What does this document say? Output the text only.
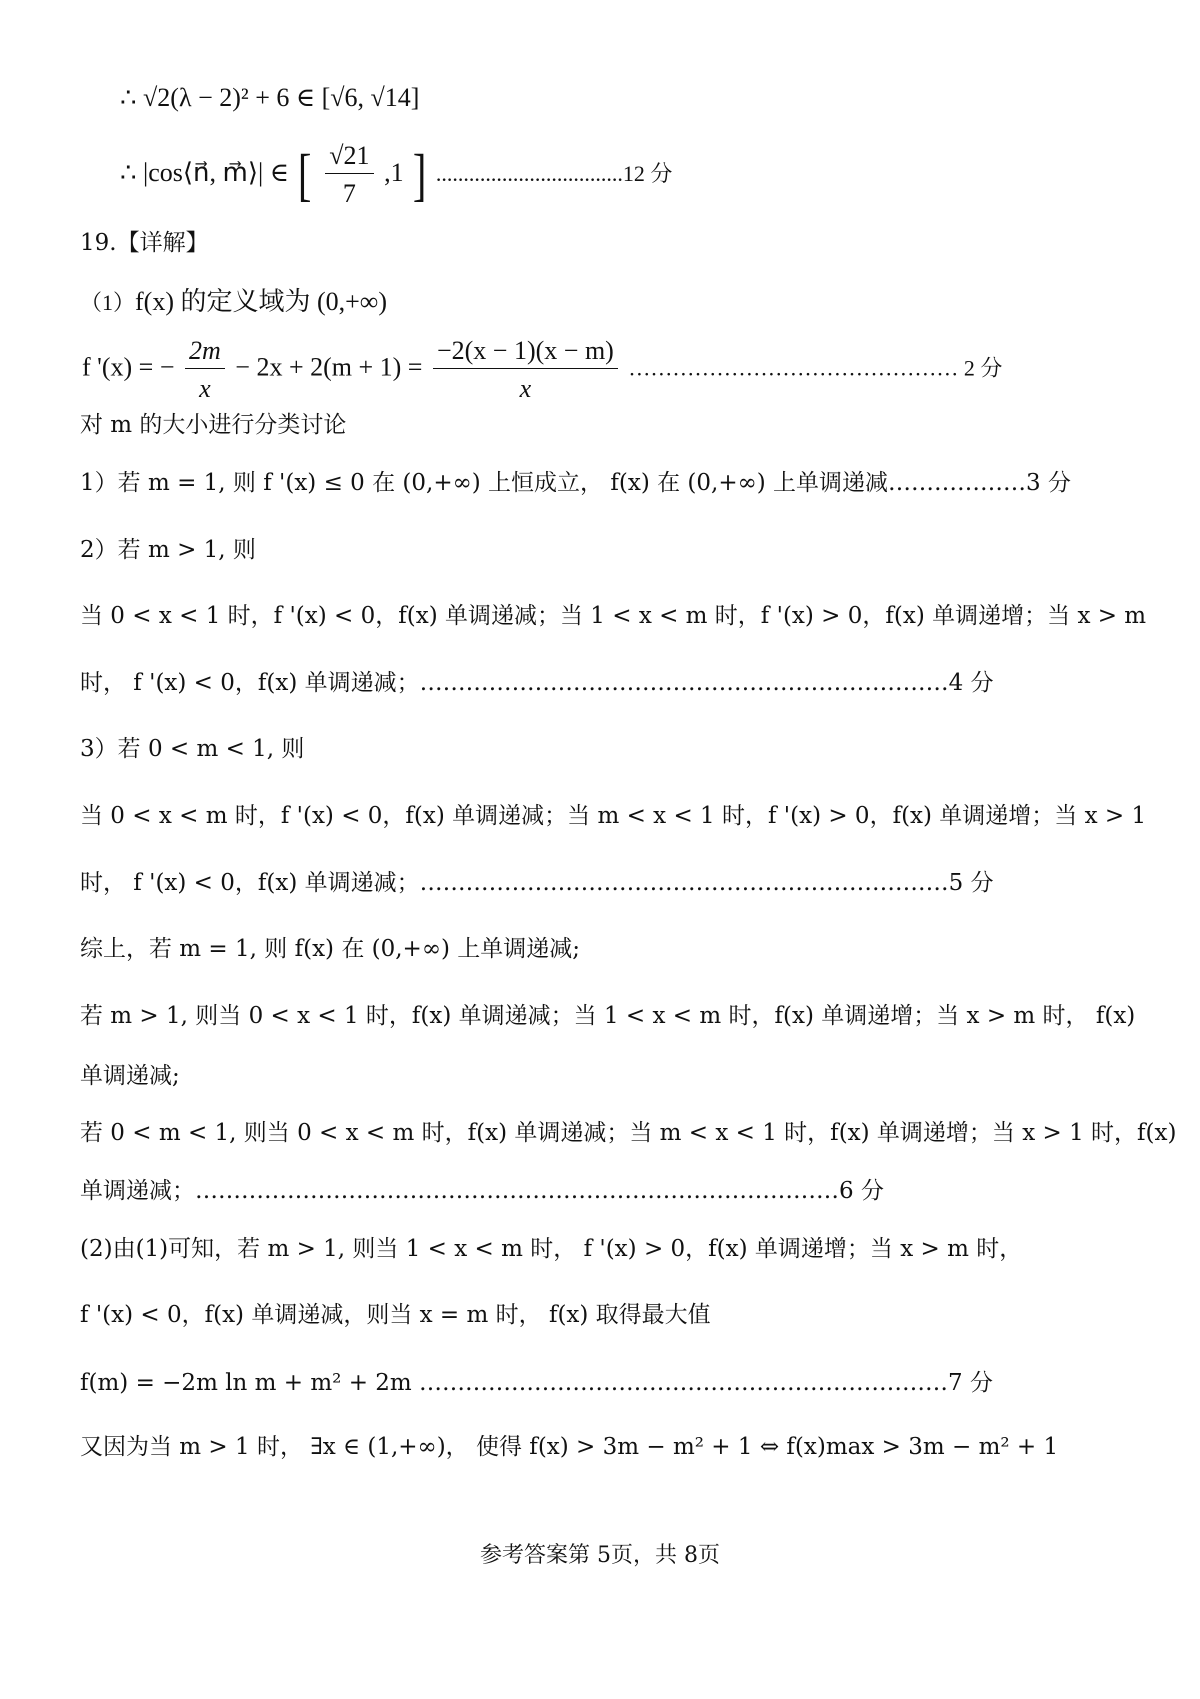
∴ √2(λ − 2)² + 6 ∈ [√6, √14]
∴ |cos⟨n⃗, m⃗⟩| ∈ [ $\frac{√21}{7} ,1$ ] ..................................12 分
19.【详解】
（1）f(x) 的定义域为 (0,+∞)
f '(x) = − $\frac{2m}{x} - 2x + 2(m + 1) = \frac{-2(x - 1)(x - m)}{x}$ ……………………………………… 2 分
对 m 的大小进行分类讨论
1）若 m = 1, 则 f '(x) ≤ 0 在 (0,+∞) 上恒成立， f(x) 在 (0,+∞) 上单调递减………………3 分
2）若 m > 1, 则
当 0 < x < 1 时，f '(x) < 0，f(x) 单调递减；当 1 < x < m 时，f '(x) > 0，f(x) 单调递增；当 x > m
时， f '(x) < 0，f(x) 单调递减；……………………………………………………………4 分
3）若 0 < m < 1, 则
当 0 < x < m 时，f '(x) < 0，f(x) 单调递减；当 m < x < 1 时，f '(x) > 0，f(x) 单调递增；当 x > 1
时， f '(x) < 0，f(x) 单调递减；……………………………………………………………5 分
综上，若 m = 1, 则 f(x) 在 (0,+∞) 上单调递减;
若 m > 1, 则当 0 < x < 1 时，f(x) 单调递减；当 1 < x < m 时，f(x) 单调递增；当 x > m 时， f(x)
单调递减;
若 0 < m < 1, 则当 0 < x < m 时，f(x) 单调递减；当 m < x < 1 时，f(x) 单调递增；当 x > 1 时，f(x)
单调递减；…………………………………………………………………………6 分
(2)由(1)可知，若 m > 1, 则当 1 < x < m 时， f '(x) > 0，f(x) 单调递增；当 x > m 时，
f '(x) < 0，f(x) 单调递减，则当 x = m 时， f(x) 取得最大值
f(m) = −2m ln m + m² + 2m ……………………………………………………………7 分
又因为当 m > 1 时， ∃x ∈ (1,+∞)， 使得 f(x) > 3m − m² + 1 ⇔ f(x)max > 3m − m² + 1
参考答案第 5页，共 8页
